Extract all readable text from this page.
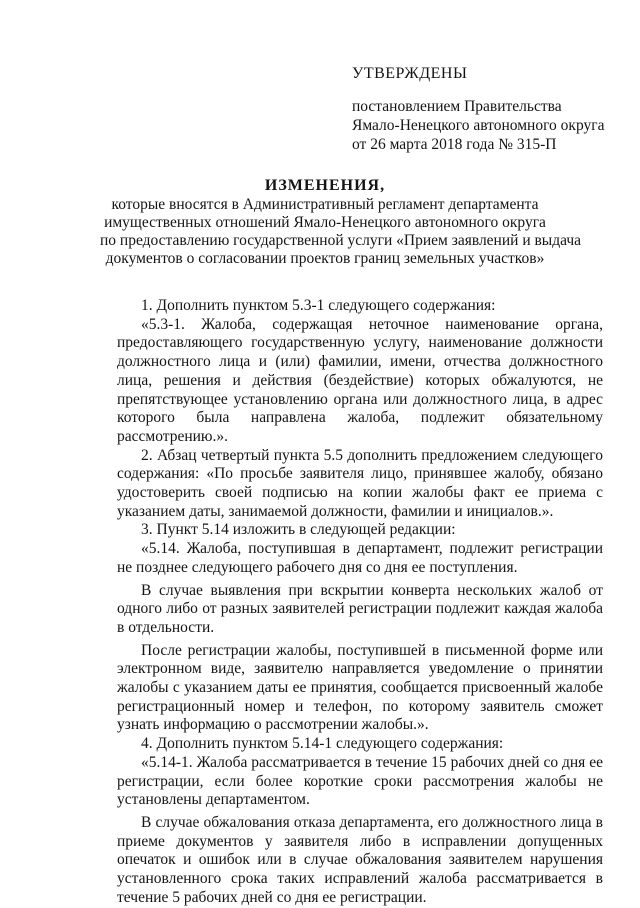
УТВЕРЖДЕНЫ
постановлением Правительства
Ямало-Ненецкого автономного округа
от 26 марта 2018 года № 315-П
ИЗМЕНЕНИЯ,
которые вносятся в Административный регламент департамента
имущественных отношений Ямало-Ненецкого автономного округа
по предоставлению государственной услуги «Прием заявлений и выдача
документов о согласовании проектов границ земельных участков»

1. Дополнить пунктом 5.3-1 следующего содержания:

«5.3-1. Жалоба, содержащая неточное наименование органа, предоставляющего государственную услугу, наименование должности должностного лица и (или) фамилии, имени, отчества должностного лица, решения и действия (бездействие) которых обжалуются, не препятствующее установлению органа или должностного лица, в адрес которого была направлена жалоба, подлежит обязательному рассмотрению.».

2. Абзац четвертый пункта 5.5 дополнить предложением следующего содержания: «По просьбе заявителя лицо, принявшее жалобу, обязано удостоверить своей подписью на копии жалобы факт ее приема с указанием даты, занимаемой должности, фамилии и инициалов.».

3. Пункт 5.14 изложить в следующей редакции:

«5.14. Жалоба, поступившая в департамент, подлежит регистрации не позднее следующего рабочего дня со дня ее поступления.

В случае выявления при вскрытии конверта нескольких жалоб от одного либо от разных заявителей регистрации подлежит каждая жалоба в отдельности.

После регистрации жалобы, поступившей в письменной форме или электронном виде, заявителю направляется уведомление о принятии жалобы с указанием даты ее принятия, сообщается присвоенный жалобе регистрационный номер и телефон, по которому заявитель сможет узнать информацию о рассмотрении жалобы.».

4. Дополнить пунктом 5.14-1 следующего содержания:

«5.14-1. Жалоба рассматривается в течение 15 рабочих дней со дня ее регистрации, если более короткие сроки рассмотрения жалобы не установлены департаментом.

В случае обжалования отказа департамента, его должностного лица в приеме документов у заявителя либо в исправлении допущенных опечаток и ошибок или в случае обжалования заявителем нарушения установленного срока таких исправлений жалоба рассматривается в течение 5 рабочих дней со дня ее регистрации.
